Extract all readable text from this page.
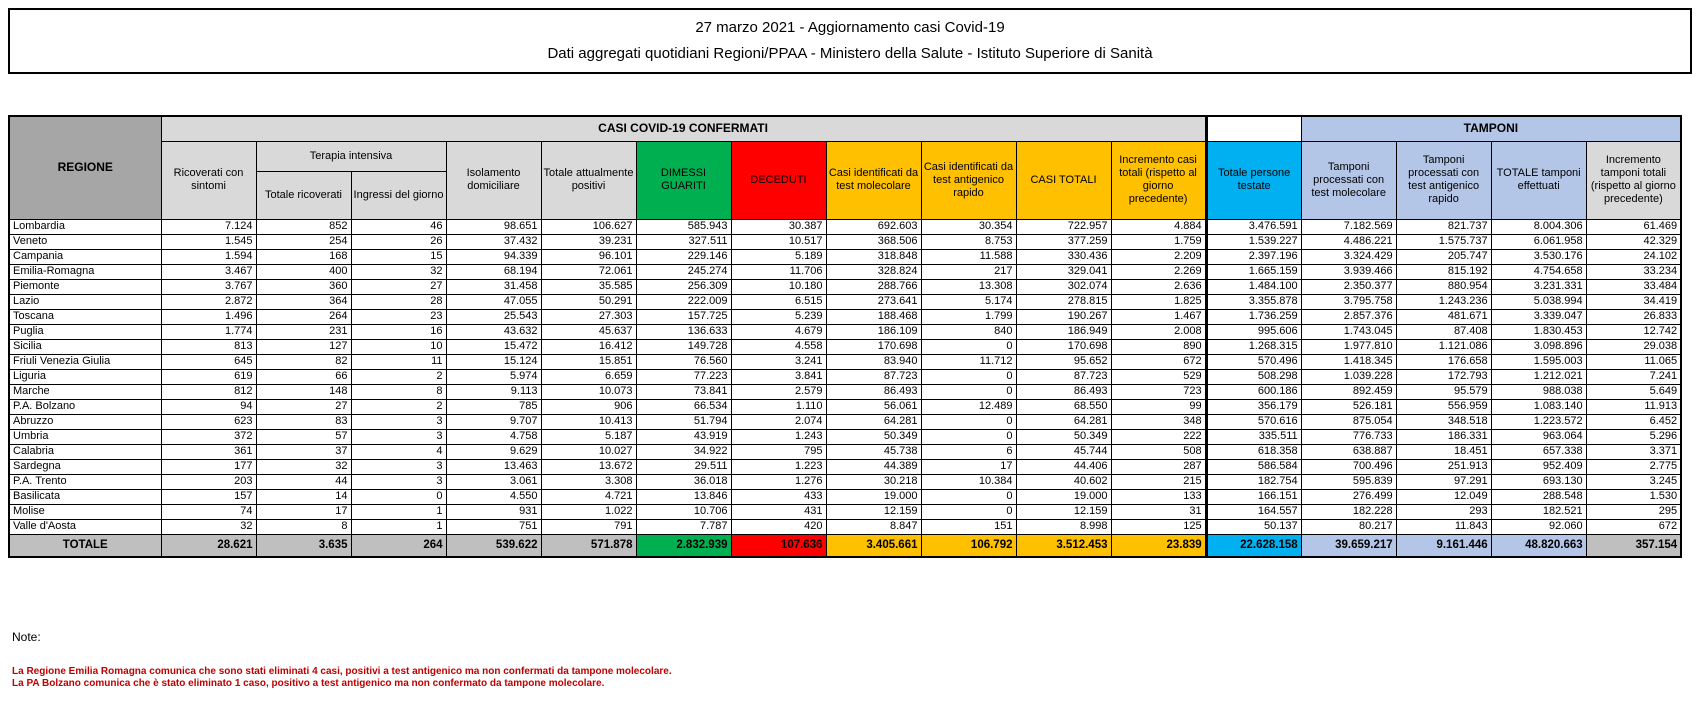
27 marzo 2021 - Aggiornamento casi Covid-19
Dati aggregati quotidiani Regioni/PPAA - Ministero della Salute - Istituto Superiore di Sanità
REGIONE	CASI COVID-19 CONFERMATI												TAMPONI			
	Ricoverati con sintomi	Terapia intensiva		Isolamento domiciliare	Totale attualmente positivi	DIMESSI GUARITI	DECEDUTI	Casi identificati da test molecolare	Casi identificati da test antigenico rapido	CASI TOTALI	Incremento casi totali (rispetto al giorno precedente)	Totale persone testate	Tamponi processati con test molecolare	Tamponi processati con test antigenico rapido	TOTALE tamponi effettuati	Incremento tamponi totali (rispetto al giorno precedente)
		Totale ricoverati	Ingressi del giorno													
Lombardia	7.124	852	46	98.651	106.627	585.943	30.387	692.603	30.354	722.957	4.884	3.476.591	7.182.569	821.737	8.004.306	61.469
Veneto	1.545	254	26	37.432	39.231	327.511	10.517	368.506	8.753	377.259	1.759	1.539.227	4.486.221	1.575.737	6.061.958	42.329
Campania	1.594	168	15	94.339	96.101	229.146	5.189	318.848	11.588	330.436	2.209	2.397.196	3.324.429	205.747	3.530.176	24.102
Emilia-Romagna	3.467	400	32	68.194	72.061	245.274	11.706	328.824	217	329.041	2.269	1.665.159	3.939.466	815.192	4.754.658	33.234
Piemonte	3.767	360	27	31.458	35.585	256.309	10.180	288.766	13.308	302.074	2.636	1.484.100	2.350.377	880.954	3.231.331	33.484
Lazio	2.872	364	28	47.055	50.291	222.009	6.515	273.641	5.174	278.815	1.825	3.355.878	3.795.758	1.243.236	5.038.994	34.419
Toscana	1.496	264	23	25.543	27.303	157.725	5.239	188.468	1.799	190.267	1.467	1.736.259	2.857.376	481.671	3.339.047	26.833
Puglia	1.774	231	16	43.632	45.637	136.633	4.679	186.109	840	186.949	2.008	995.606	1.743.045	87.408	1.830.453	12.742
Sicilia	813	127	10	15.472	16.412	149.728	4.558	170.698	0	170.698	890	1.268.315	1.977.810	1.121.086	3.098.896	29.038
Friuli Venezia Giulia	645	82	11	15.124	15.851	76.560	3.241	83.940	11.712	95.652	672	570.496	1.418.345	176.658	1.595.003	11.065
Liguria	619	66	2	5.974	6.659	77.223	3.841	87.723	0	87.723	529	508.298	1.039.228	172.793	1.212.021	7.241
Marche	812	148	8	9.113	10.073	73.841	2.579	86.493	0	86.493	723	600.186	892.459	95.579	988.038	5.649
P.A. Bolzano	94	27	2	785	906	66.534	1.110	56.061	12.489	68.550	99	356.179	526.181	556.959	1.083.140	11.913
Abruzzo	623	83	3	9.707	10.413	51.794	2.074	64.281	0	64.281	348	570.616	875.054	348.518	1.223.572	6.452
Umbria	372	57	3	4.758	5.187	43.919	1.243	50.349	0	50.349	222	335.511	776.733	186.331	963.064	5.296
Calabria	361	37	4	9.629	10.027	34.922	795	45.738	6	45.744	508	618.358	638.887	18.451	657.338	3.371
Sardegna	177	32	3	13.463	13.672	29.511	1.223	44.389	17	44.406	287	586.584	700.496	251.913	952.409	2.775
P.A. Trento	203	44	3	3.061	3.308	36.018	1.276	30.218	10.384	40.602	215	182.754	595.839	97.291	693.130	3.245
Basilicata	157	14	0	4.550	4.721	13.846	433	19.000	0	19.000	133	166.151	276.499	12.049	288.548	1.530
Molise	74	17	1	931	1.022	10.706	431	12.159	0	12.159	31	164.557	182.228	293	182.521	295
Valle d'Aosta	32	8	1	751	791	7.787	420	8.847	151	8.998	125	50.137	80.217	11.843	92.060	672
TOTALE	28.621	3.635	264	539.622	571.878	2.832.939	107.636	3.405.661	106.792	3.512.453	23.839	22.628.158	39.659.217	9.161.446	48.820.663	357.154
Note:
La Regione Emilia Romagna comunica che sono stati eliminati 4 casi, positivi a test antigenico ma non confermati da tampone molecolare.
La PA Bolzano comunica che è stato eliminato 1 caso, positivo a test antigenico ma non confermato da tampone molecolare.
